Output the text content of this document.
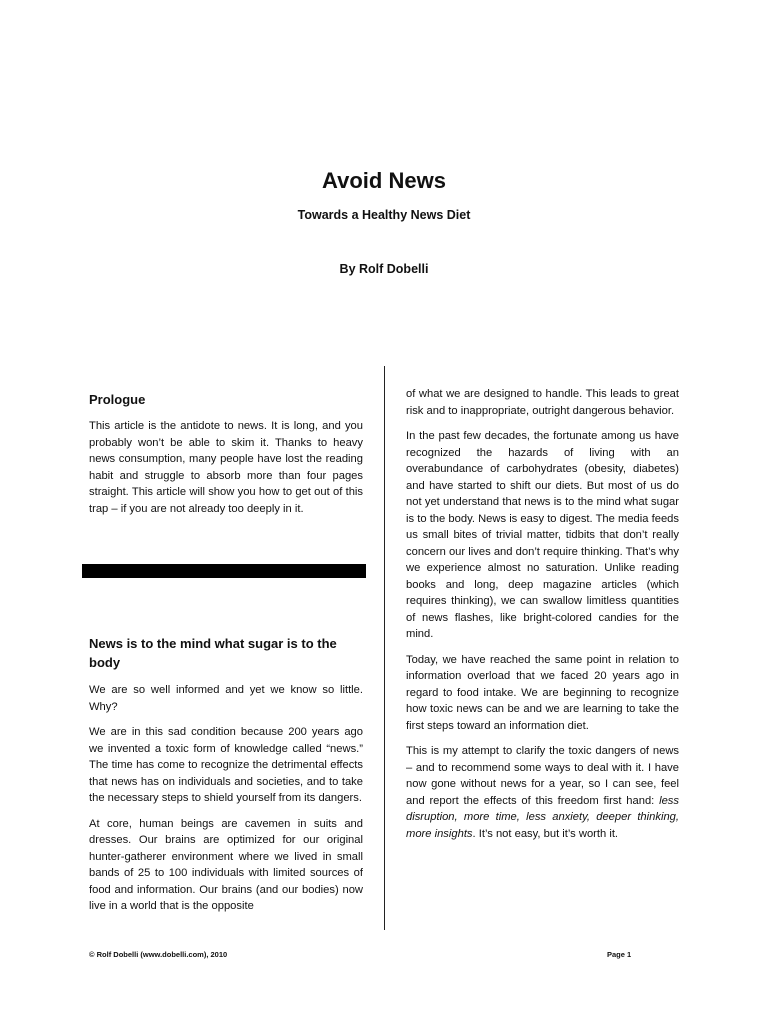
Avoid News
Towards a Healthy News Diet
By Rolf Dobelli

Prologue

This article is the antidote to news. It is long, and you probably won’t be able to skim it. Thanks to heavy news consumption, many people have lost the reading habit and struggle to absorb more than four pages straight. This article will show you how to get out of this trap – if you are not already too deeply in it.

News is to the mind what sugar is to the body

We are so well informed and yet we know so little. Why?

We are in this sad condition because 200 years ago we invented a toxic form of knowledge called “news.” The time has come to recognize the detrimental effects that news has on individuals and societies, and to take the necessary steps to shield yourself from its dangers.

At core, human beings are cavemen in suits and dresses. Our brains are optimized for our original hunter-gatherer environment where we lived in small bands of 25 to 100 individuals with limited sources of food and information. Our brains (and our bodies) now live in a world that is the opposite

of what we are designed to handle. This leads to great risk and to inappropriate, outright dangerous behavior.

In the past few decades, the fortunate among us have recognized the hazards of living with an overabundance of carbohydrates (obesity, diabetes) and have started to shift our diets. But most of us do not yet understand that news is to the mind what sugar is to the body. News is easy to digest. The media feeds us small bites of trivial matter, tidbits that don’t really concern our lives and don’t require thinking. That’s why we experience almost no saturation. Unlike reading books and long, deep magazine articles (which requires thinking), we can swallow limitless quantities of news flashes, like bright-colored candies for the mind.

Today, we have reached the same point in relation to information overload that we faced 20 years ago in regard to food intake. We are beginning to recognize how toxic news can be and we are learning to take the first steps toward an information diet.

This is my attempt to clarify the toxic dangers of news – and to recommend some ways to deal with it. I have now gone without news for a year, so I can see, feel and report the effects of this freedom first hand: less disruption, more time, less anxiety, deeper thinking, more insights. It’s not easy, but it’s worth it.

© Rolf Dobelli (www.dobelli.com), 2010	Page 1
